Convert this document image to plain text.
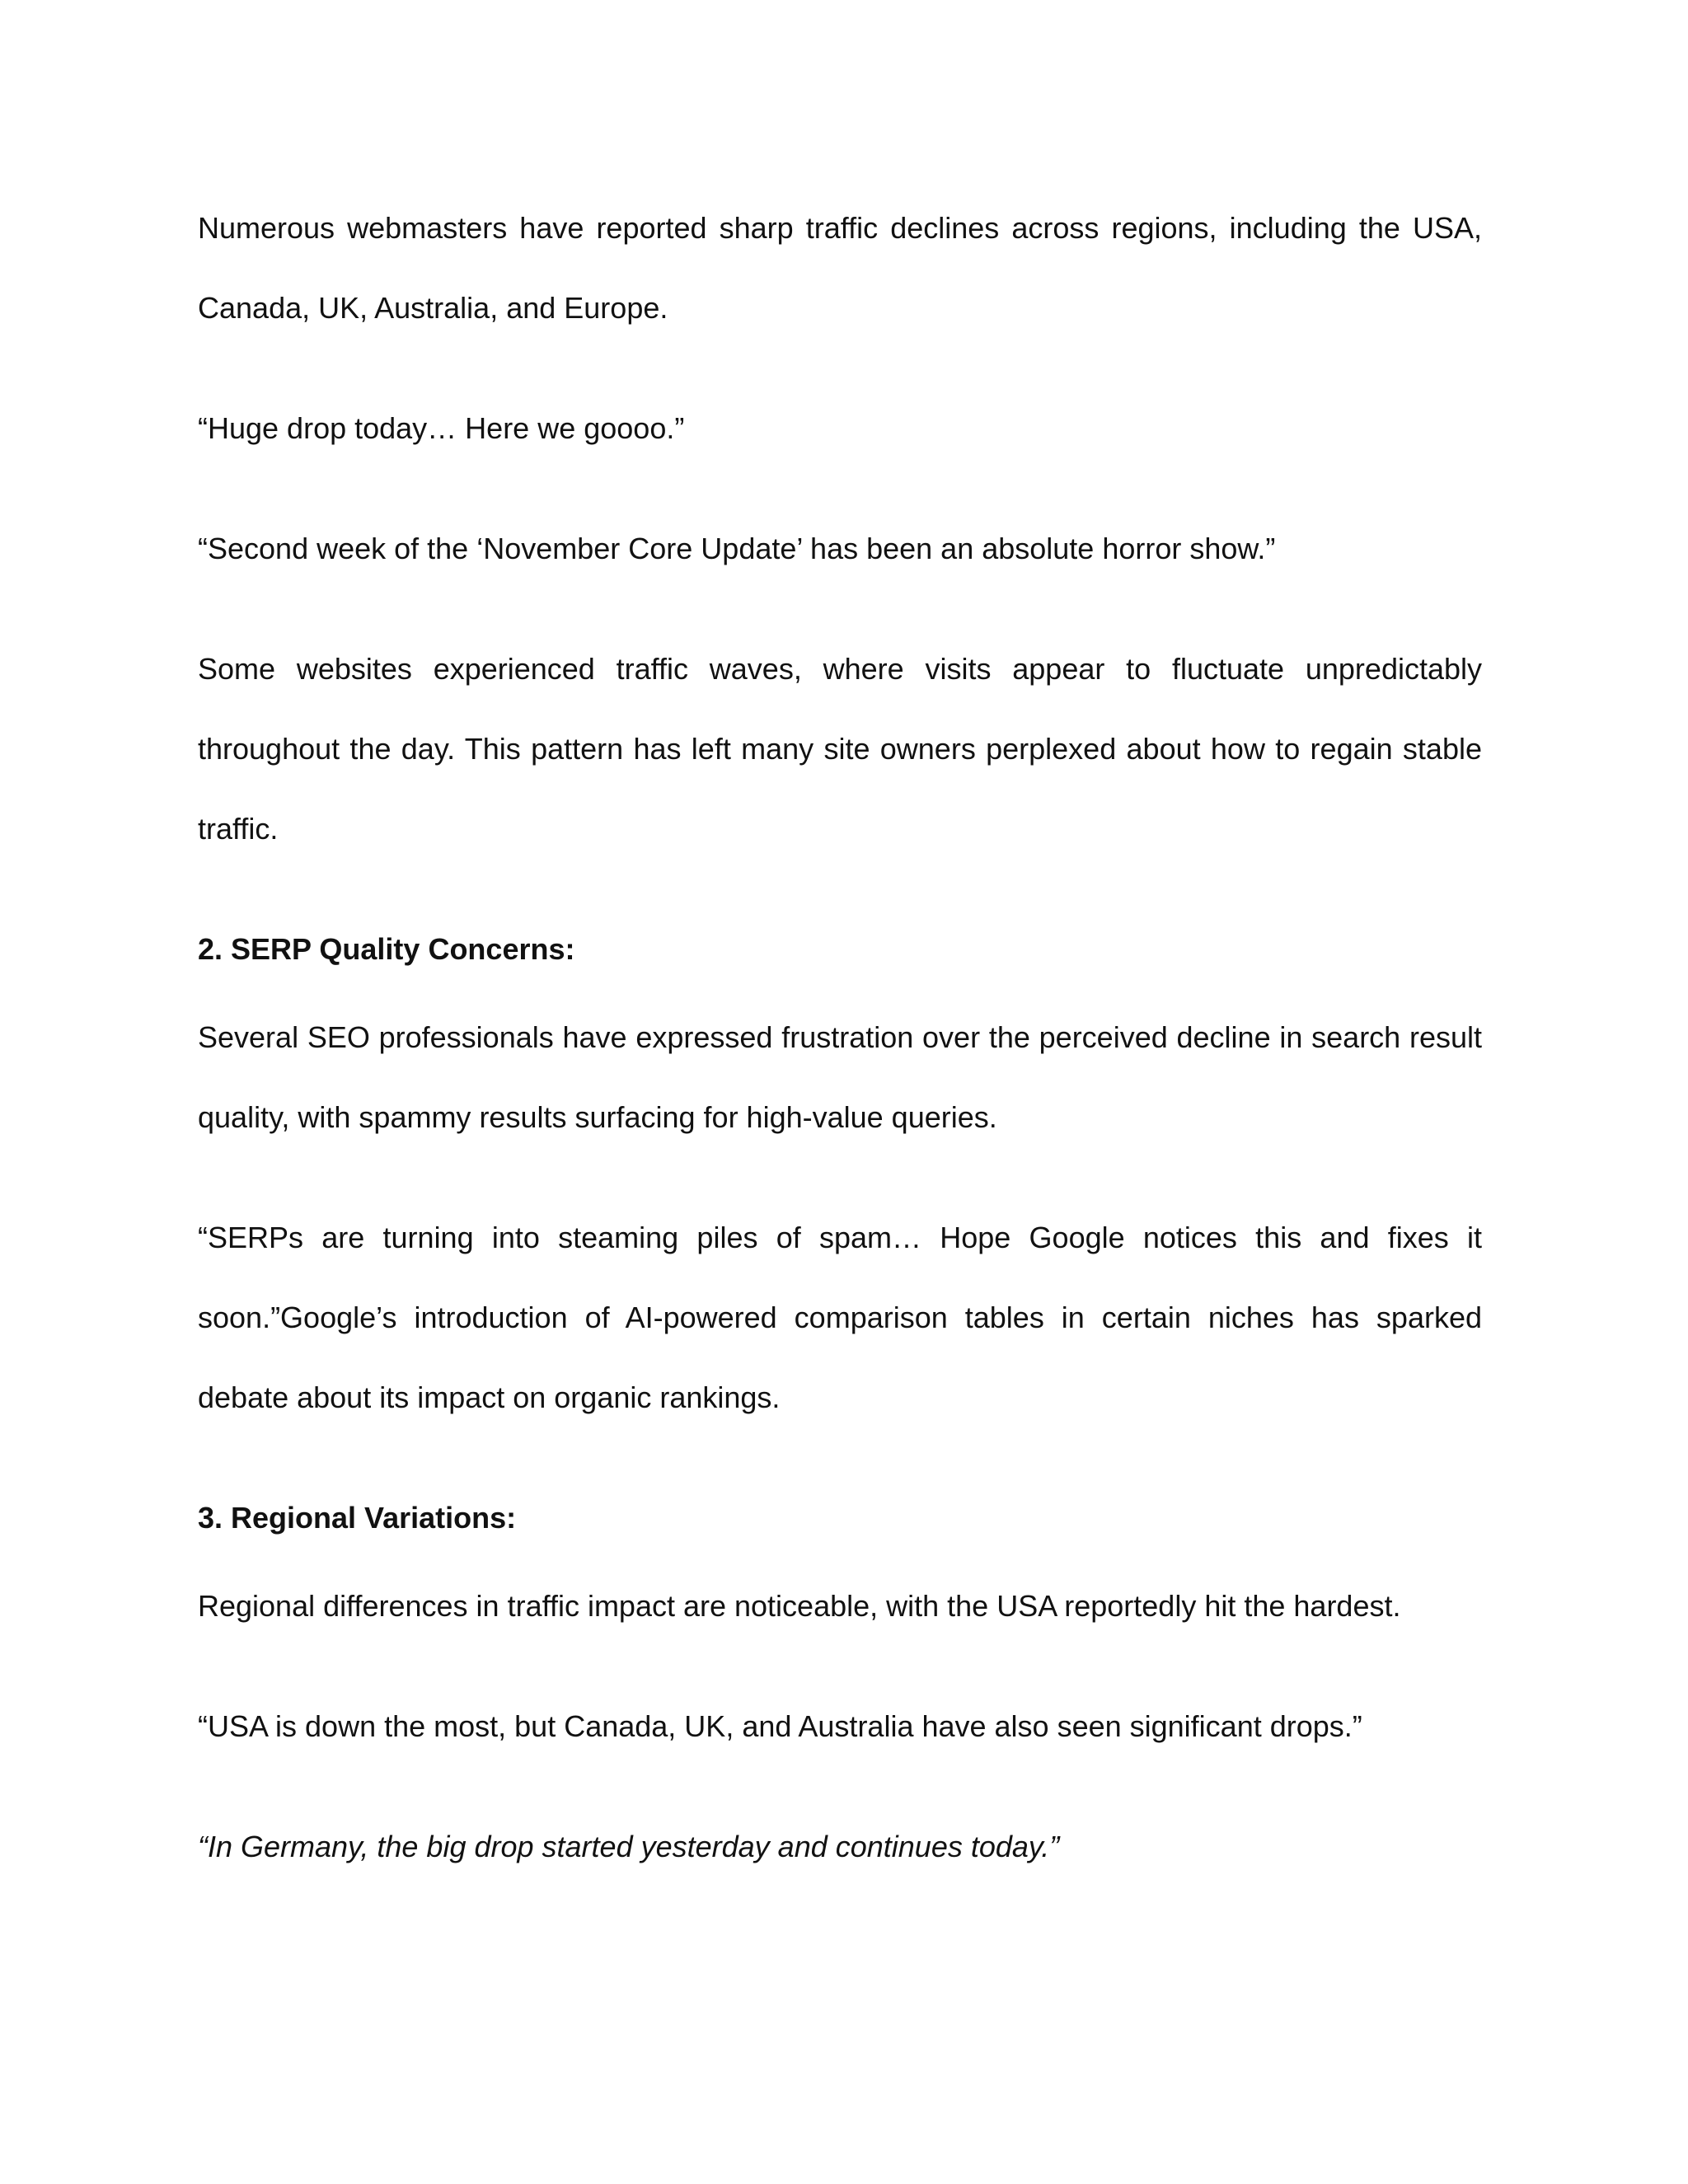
Numerous webmasters have reported sharp traffic declines across regions, including the USA, Canada, UK, Australia, and Europe.

“Huge drop today… Here we goooo.”

“Second week of the ‘November Core Update’ has been an absolute horror show.”

Some websites experienced traffic waves, where visits appear to fluctuate unpredictably throughout the day. This pattern has left many site owners perplexed about how to regain stable traffic.

2. SERP Quality Concerns:

Several SEO professionals have expressed frustration over the perceived decline in search result quality, with spammy results surfacing for high-value queries.

“SERPs are turning into steaming piles of spam… Hope Google notices this and fixes it soon.”Google’s introduction of AI-powered comparison tables in certain niches has sparked debate about its impact on organic rankings.

3. Regional Variations:

Regional differences in traffic impact are noticeable, with the USA reportedly hit the hardest.

“USA is down the most, but Canada, UK, and Australia have also seen significant drops.”

“In Germany, the big drop started yesterday and continues today.”
